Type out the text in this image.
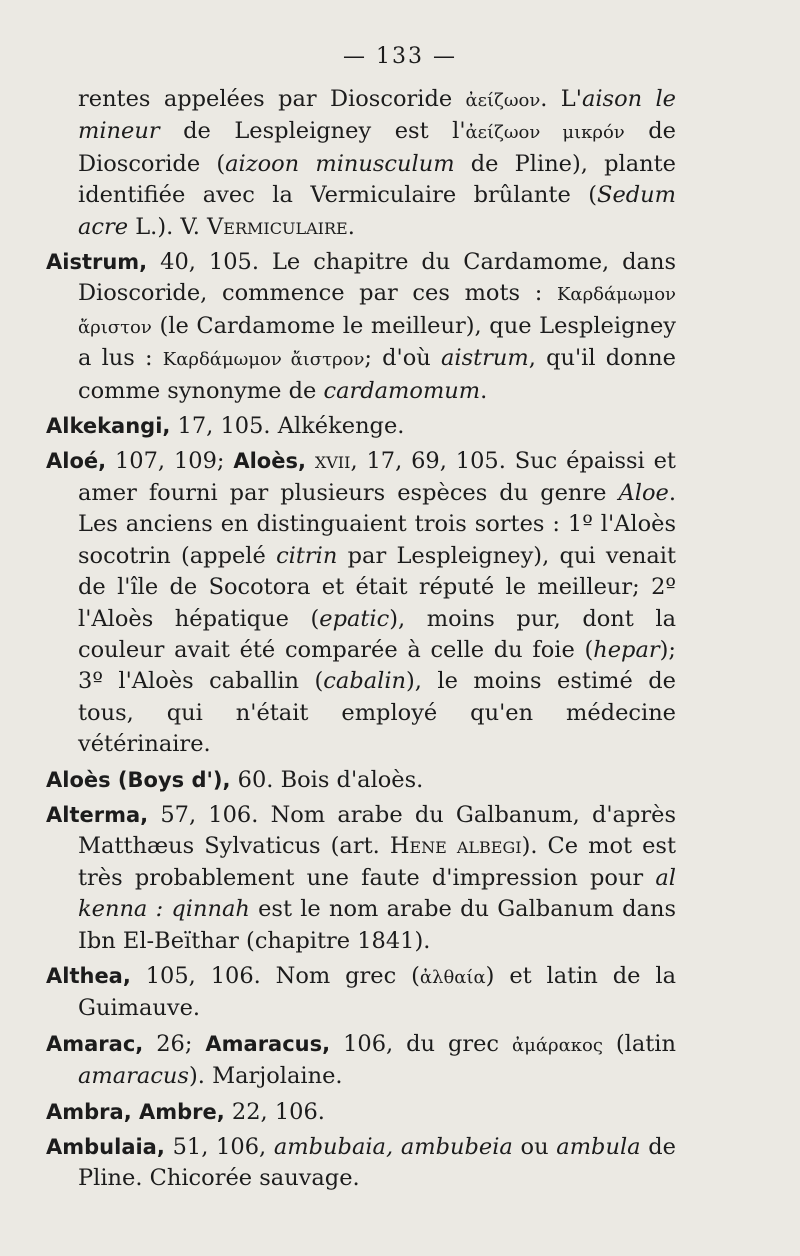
— 133 —
rentes appelées par Dioscoride ἀείζωον. L'aison le mineur de Lespleigney est l'ἀείζωον μικρόν de Dioscoride (aizoon minusculum de Pline), plante identifiée avec la Vermiculaire brûlante (Sedum acre L.). V. Vermiculaire.
Aistrum, 40, 105. Le chapitre du Cardamome, dans Dioscoride, commence par ces mots : Καρδάμωμον ἄριστον (le Cardamome le meilleur), que Lespleigney a lus : Καρδάμωμον ἄιστρον; d'où aistrum, qu'il donne comme synonyme de cardamomum.
Alkekangi, 17, 105. Alkékenge.
Aloé, 107, 109; Aloès, xvii, 17, 69, 105. Suc épaissi et amer fourni par plusieurs espèces du genre Aloe. Les anciens en distinguaient trois sortes : 1º l'Aloès socotrin (appelé citrin par Lespleigney), qui venait de l'île de Socotora et était réputé le meilleur; 2º l'Aloès hépatique (epatic), moins pur, dont la couleur avait été comparée à celle du foie (hepar); 3º l'Aloès caballin (cabalin), le moins estimé de tous, qui n'était employé qu'en médecine vétérinaire.
Aloès (Boys d'), 60. Bois d'aloès.
Alterma, 57, 106. Nom arabe du Galbanum, d'après Matthæus Sylvaticus (art. Hene albegi). Ce mot est très probablement une faute d'impression pour al kenna : qinnah est le nom arabe du Galbanum dans Ibn El-Beïthar (chapitre 1841).
Althea, 105, 106. Nom grec (ἀλθαία) et latin de la Guimauve.
Amarac, 26; Amaracus, 106, du grec ἀμάρακος (latin amaracus). Marjolaine.
Ambra, Ambre, 22, 106.
Ambulaia, 51, 106, ambubaia, ambubeia ou ambula de Pline. Chicorée sauvage.
